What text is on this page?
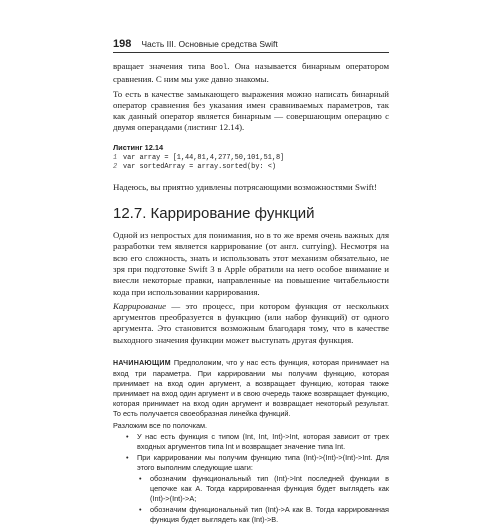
198 Часть III. Основные средства Swift

вращает значения типа Bool. Она называется бинарным оператором сравнения. С ним мы уже давно знакомы.

То есть в качестве замыкающего выражения можно написать бинарный оператор сравнения без указания имен сравниваемых параметров, так как данный оператор является бинарным — совершающим операцию с двумя операндами (листинг 12.14).

Листинг 12.14
1 var array = [1,44,81,4,277,50,101,51,8]
2 var sortedArray = array.sorted(by: <)

Надеюсь, вы приятно удивлены потрясающими возможностями Swift!

12.7. Каррирование функций

Одной из непростых для понимания, но в то же время очень важных для разработки тем является каррирование (от англ. currying). Несмотря на всю его сложность, знать и использовать этот механизм обязательно, не зря при подготовке Swift 3 в Apple обратили на него особое внимание и внесли некоторые правки, направленные на повышение читабельности кода при использовании каррирования.

Каррирование — это процесс, при котором функция от нескольких аргументов преобразуется в функцию (или набор функций) от одного аргумента. Это становится возможным благодаря тому, что в качестве выходного значения функции может выступать другая функция.

НАЧИНАЮЩИМ Предположим, что у нас есть функция, которая принимает на вход три параметра. При каррировании мы получим функцию, которая принимает на вход один аргумент, а возвращает функцию, которая также принимает на вход один аргумент и в свою очередь также возвращает функцию, которая принимает на вход один аргумент и возвращает некоторый результат. То есть получается своеобразная линейка функций.

Разложим все по полочкам.

• У нас есть функция с типом (Int, Int, Int)->Int, которая зависит от трех входных аргументов типа Int и возвращает значение типа Int.
• При каррировании мы получим функцию типа (Int)->(Int)->(Int)->Int. Для этого выполним следующие шаги:
• обозначим функциональный тип (Int)->Int последней функции в цепочке как A. Тогда каррированная функция будет выглядеть как (Int)->(Int)->A;
• обозначим функциональный тип (Int)->A как B. Тогда каррированная функция будет выглядеть как (Int)->B.
